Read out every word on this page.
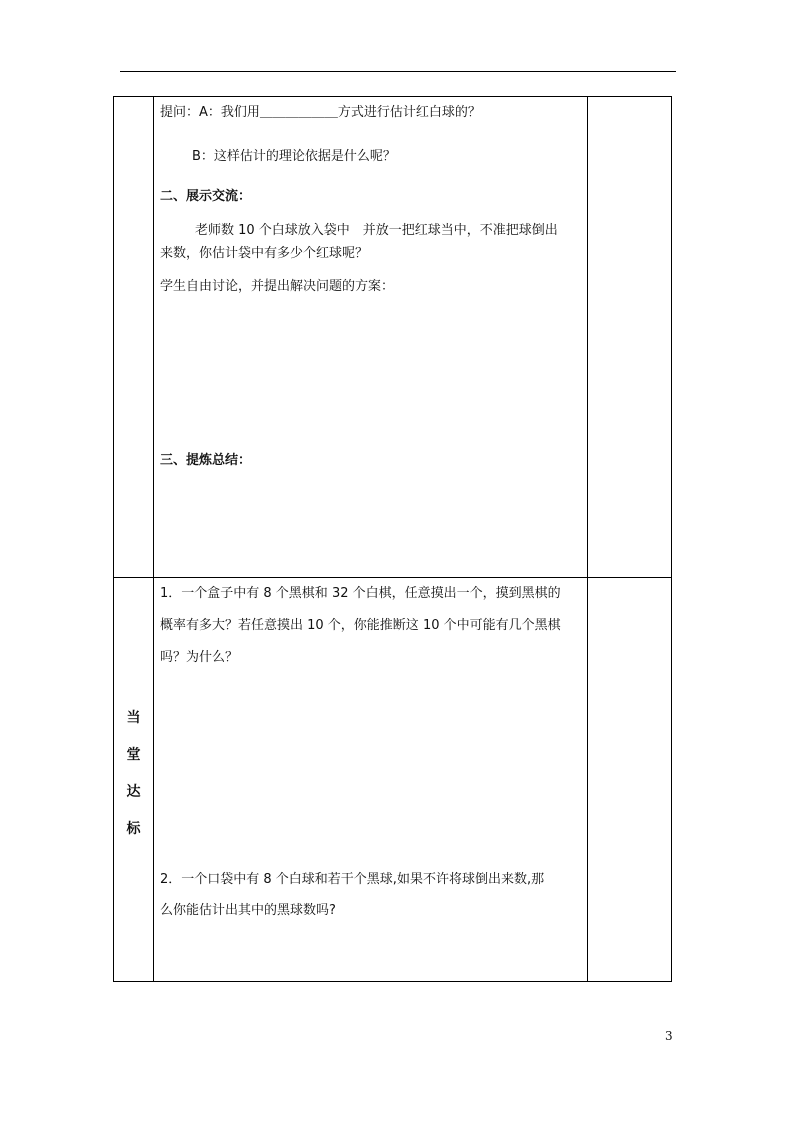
提问：A：我们用＿＿＿＿＿＿方式进行估计红白球的？

B：这样估计的理论依据是什么呢？

二、展示交流：

老师数 10 个白球放入袋中　并放一把红球当中，不准把球倒出

来数，你估计袋中有多少个红球呢？

学生自由讨论，并提出解决问题的方案：

三、提炼总结：

当
堂
达
标

1．一个盒子中有 8 个黑棋和 32 个白棋，任意摸出一个，摸到黑棋的

概率有多大？若任意摸出 10 个，你能推断这 10 个中可能有几个黑棋

吗？为什么？

2．一个口袋中有 8 个白球和若干个黑球,如果不许将球倒出来数,那

么你能估计出其中的黑球数吗?

3
